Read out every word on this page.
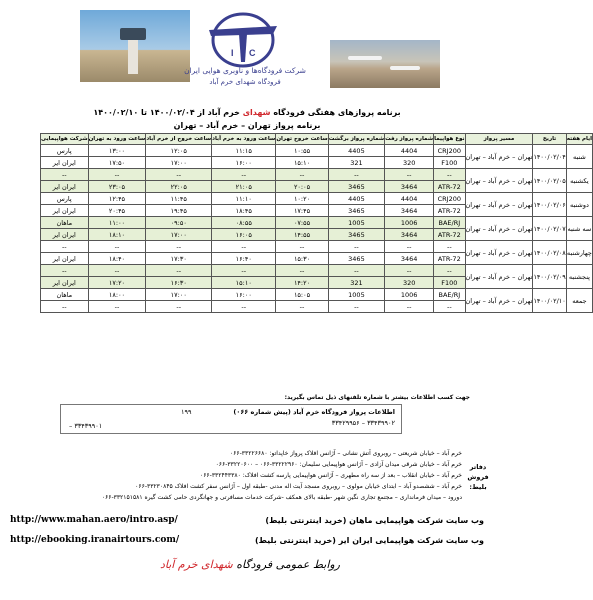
I C
شرکت فرودگاه‌ها و ناوبری هوایی ایران
فرودگاه شهدای خرم آباد
برنامه پروازهای هفتگی فرودگاه شهدای خرم آباد از ۱۴۰۰/۰۲/۰۴ تا ۱۴۰۰/۰۲/۱۰
برنامه پرواز تهران – خرم آباد – تهران
ایام هفته	تاریخ	مسیر پرواز	نوع هواپیما	شماره پرواز رفت	شماره پرواز برگشت	ساعت خروج تهران	ساعت ورود به خرم آباد	ساعت خروج از خرم آباد	ساعت ورود به تهران	شرکت هواپیمایی
شنبه	۱۴۰۰/۰۲/۰۴	تهران – خرم آباد – تهران	CRJ200	4404	4405	۱۰:۵۵	۱۱:۱۵	۱۲:۰۵	۱۳:۰۰	پارس
			F100	320	321	۱۵:۱۰	۱۶:۰۰	۱۷:۰۰	۱۷:۵۰	ایران ایر
یکشنبه	۱۴۰۰/۰۲/۰۵	تهران – خرم آباد – تهران	--	--	--	--	--	--	--	--
			ATR-72	3464	3465	۲۰:۰۵	۲۱:۰۵	۲۲:۰۵	۲۳:۰۵	ایران ایر
دوشنبه	۱۴۰۰/۰۲/۰۶	تهران – خرم آباد – تهران	CRJ200	4404	4405	۱۰:۲۰	۱۱:۱۰	۱۱:۴۵	۱۲:۴۵	پارس
			ATR-72	3464	3465	۱۷:۴۵	۱۸:۴۵	۱۹:۴۵	۲۰:۴۵	ایران ایر
سه شنبه	۱۴۰۰/۰۲/۰۷	تهران – خرم آباد – تهران	BAE/RJ	1006	1005	۰۷:۵۵	۰۸:۵۵	۰۹:۵۰	۱۱:۰۰	ماهان
			ATR-72	3464	3465	۱۴:۵۵	۱۶:۰۵	۱۷:۰۰	۱۸:۱۰	ایران ایر
چهارشنبه	۱۴۰۰/۰۲/۰۸	تهران – خرم آباد – تهران	--	--	--	--	--	--	--	--
			ATR-72	3464	3465	۱۵:۳۰	۱۶:۴۰	۱۷:۳۰	۱۸:۴۰	ایران ایر
پنجشنبه	۱۴۰۰/۰۲/۰۹	تهران – خرم آباد – تهران	--	--	--	--	--	--	--	--
			F100	320	321	۱۴:۲۰	۱۵:۱۰	۱۶:۳۰	۱۷:۲۰	ایران ایر
جمعه	۱۴۰۰/۰۲/۱۰	تهران – خرم آباد – تهران	BAE/RJ	1006	1005	۱۵:۰۵	۱۶:۰۰	۱۷:۰۰	۱۸:۰۰	ماهان
			--	--	--	--	--	--	--	--
جهت کسب اطلاعات بیشتر با شماره تلفنهای ذیل تماس بگیرید:
اطلاعات پرواز فرودگاه خرم آباد (پیش شماره ۰۶۶)
۱۹۹
۳۳۴۳۹۹۰۲ – ۳۳۴۲۹۹۵۶
۳۳۴۳۹۹۰۱ –
دفاتر فروش بلیط:
خرم آباد – خیابان شریعتی – روبروی آتش نشانی – آژانس افلاک پرواز خاپداتو: ۳۳۲۲۶۶۸۰-۰۶۶
خرم آباد – خیابان شرقی میدان آزادی – آژانس هواپیمایی سلیمان: ۳۳۲۲۲۹۶۰-۰۶۶ – ۳۳۲۲۰۶۰۰-۰۶۶
خرم آباد – خیابان انقلاب – بعد از سه راه مطهری – آژانس هواپیمایی پارسه کشت افلاک: ۳۳۲۴۴۳۳۸۰-۰۶۶
خرم آباد – ششصدو آباد – ابتدای خیابان مولوی – روبروی مسجد آیت اله مدنی -طبقه اول – آژانس سفر کشت افلاک ۳۳۲۳۰۸۴۵-۰۶۶
دورود – میدان فرمانداری – مجتمع تجاری نگین شهر -طبقه بالای همکف -شرکت خدمات مسافرتی و جهانگردی حامی کشت گیره ۳۳۲۱۵۱۵۸۱-۰۶۶
وب سایت شرکت هواپیمایی ماهان (خرید اینترنتی بلیط)
http://www.mahan.aero/intro.asp/
وب سایت شرکت هواپیمایی ایران ایر (خرید اینترنتی بلیط)
http://ebooking.iranairtours.com/
روابط عمومی فرودگاه شهدای خرم آباد
